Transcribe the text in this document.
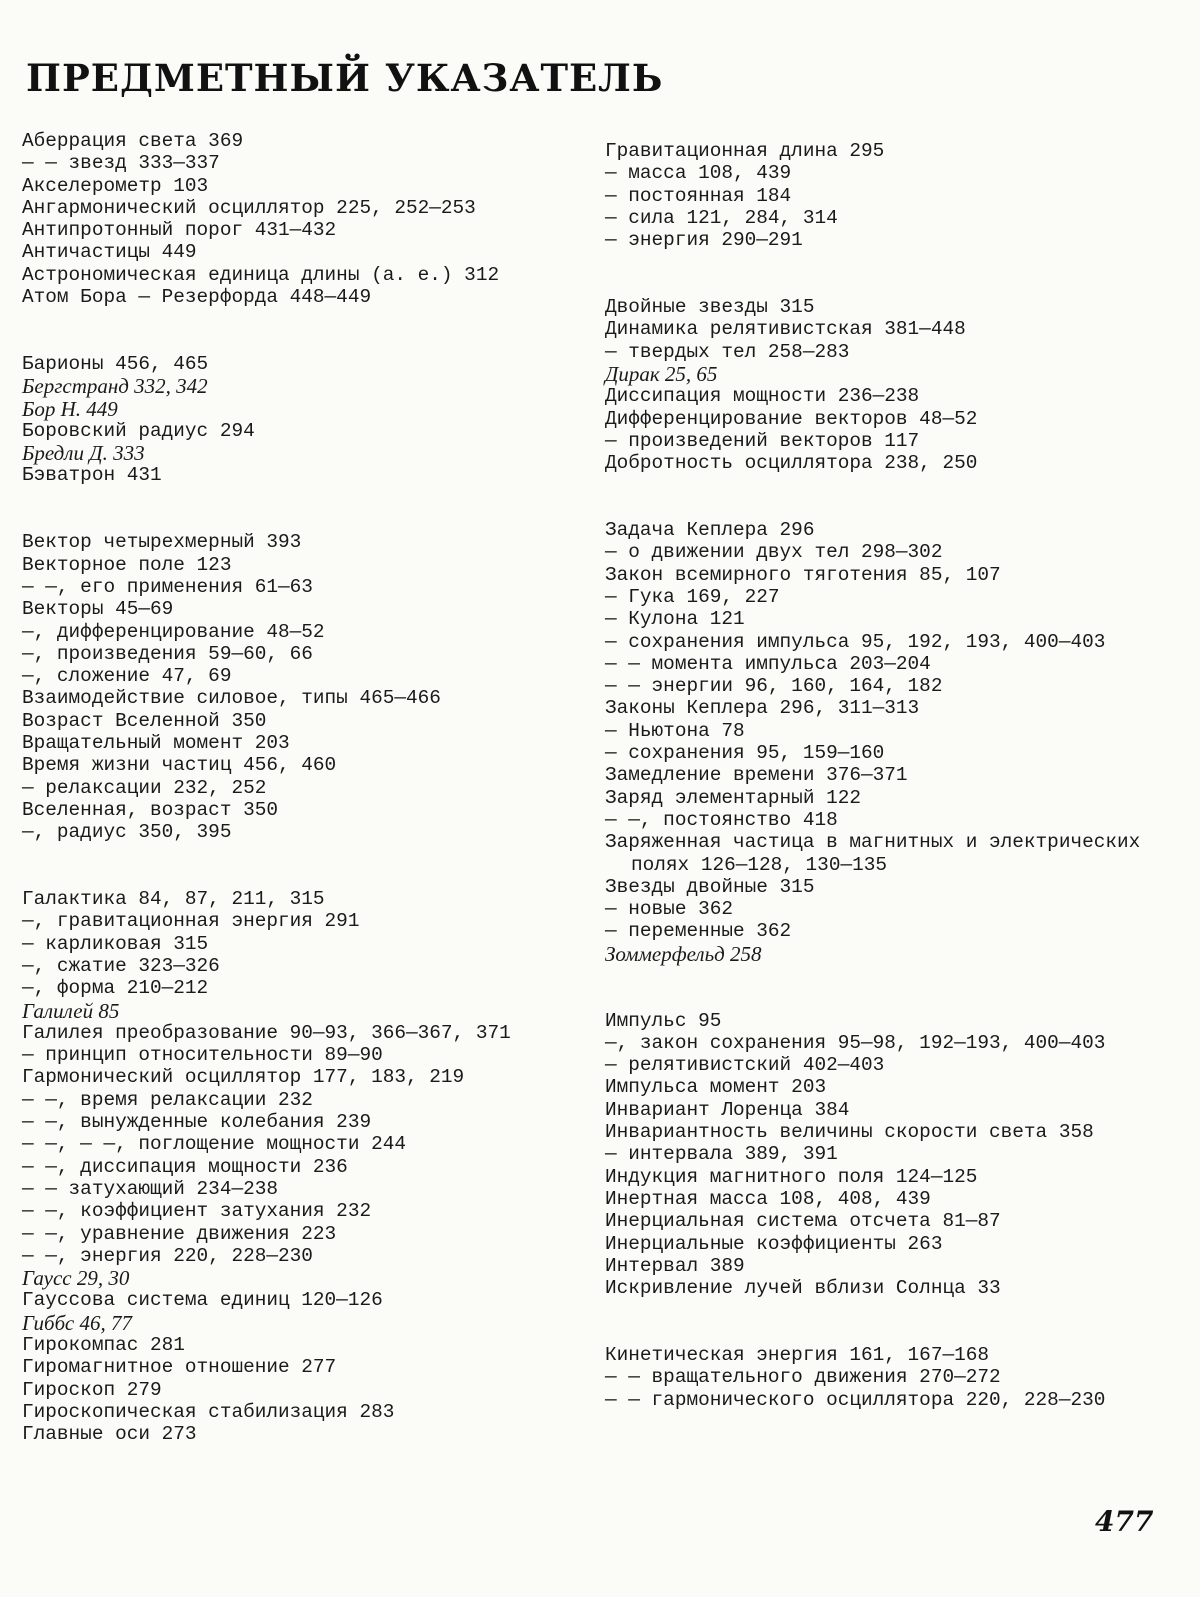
ПРЕДМЕТНЫЙ УКАЗАТЕЛЬ
Аберрация света 369
— — звезд 333—337
Акселерометр 103
Ангармонический осциллятор 225, 252—253
Антипротонный порог 431—432
Античастицы 449
Астрономическая единица длины (а. е.) 312
Атом Бора — Резерфорда 448—449
Барионы 456, 465
Бергстранд 332, 342
Бор Н. 449
Боровский радиус 294
Бредли Д. 333
Бэватрон 431
Вектор четырехмерный 393
Векторное поле 123
— —, его применения 61—63
Векторы 45—69
—, дифференцирование 48—52
—, произведения 59—60, 66
—, сложение 47, 69
Взаимодействие силовое, типы 465—466
Возраст Вселенной 350
Вращательный момент 203
Время жизни частиц 456, 460
— релаксации 232, 252
Вселенная, возраст 350
—, радиус 350, 395
Галактика 84, 87, 211, 315
—, гравитационная энергия 291
— карликовая 315
—, сжатие 323—326
—, форма 210—212
Галилей 85
Галилея преобразование 90—93, 366—367, 371
— принцип относительности 89—90
Гармонический осциллятор 177, 183, 219
— —, время релаксации 232
— —, вынужденные колебания 239
— —, — —, поглощение мощности 244
— —, диссипация мощности 236
— — затухающий 234—238
— —, коэффициент затухания 232
— —, уравнение движения 223
— —, энергия 220, 228—230
Гаусс 29, 30
Гауссова система единиц 120—126
Гиббс 46, 77
Гирокомпас 281
Гиромагнитное отношение 277
Гироскоп 279
Гироскопическая стабилизация 283
Главные оси 273
Гравитационная длина 295
— масса 108, 439
— постоянная 184
— сила 121, 284, 314
— энергия 290—291
Двойные звезды 315
Динамика релятивистская 381—448
— твердых тел 258—283
Дирак 25, 65
Диссипация мощности 236—238
Дифференцирование векторов 48—52
— произведений векторов 117
Добротность осциллятора 238, 250
Задача Кеплера 296
— о движении двух тел 298—302
Закон всемирного тяготения 85, 107
— Гука 169, 227
— Кулона 121
— сохранения импульса 95, 192, 193, 400—403
— — момента импульса 203—204
— — энергии 96, 160, 164, 182
Законы Кеплера 296, 311—313
— Ньютона 78
— сохранения 95, 159—160
Замедление времени 376—371
Заряд элементарный 122
— —, постоянство 418
Заряженная частица в магнитных и электрических полях 126—128, 130—135
Звезды двойные 315
— новые 362
— переменные 362
Зоммерфельд 258
Импульс 95
—, закон сохранения 95—98, 192—193, 400—403
— релятивистский 402—403
Импульса момент 203
Инвариант Лоренца 384
Инвариантность величины скорости света 358
— интервала 389, 391
Индукция магнитного поля 124—125
Инертная масса 108, 408, 439
Инерциальная система отсчета 81—87
Инерциальные коэффициенты 263
Интервал 389
Искривление лучей вблизи Солнца 33
Кинетическая энергия 161, 167—168
— — вращательного движения 270—272
— — гармонического осциллятора 220, 228—230
477
